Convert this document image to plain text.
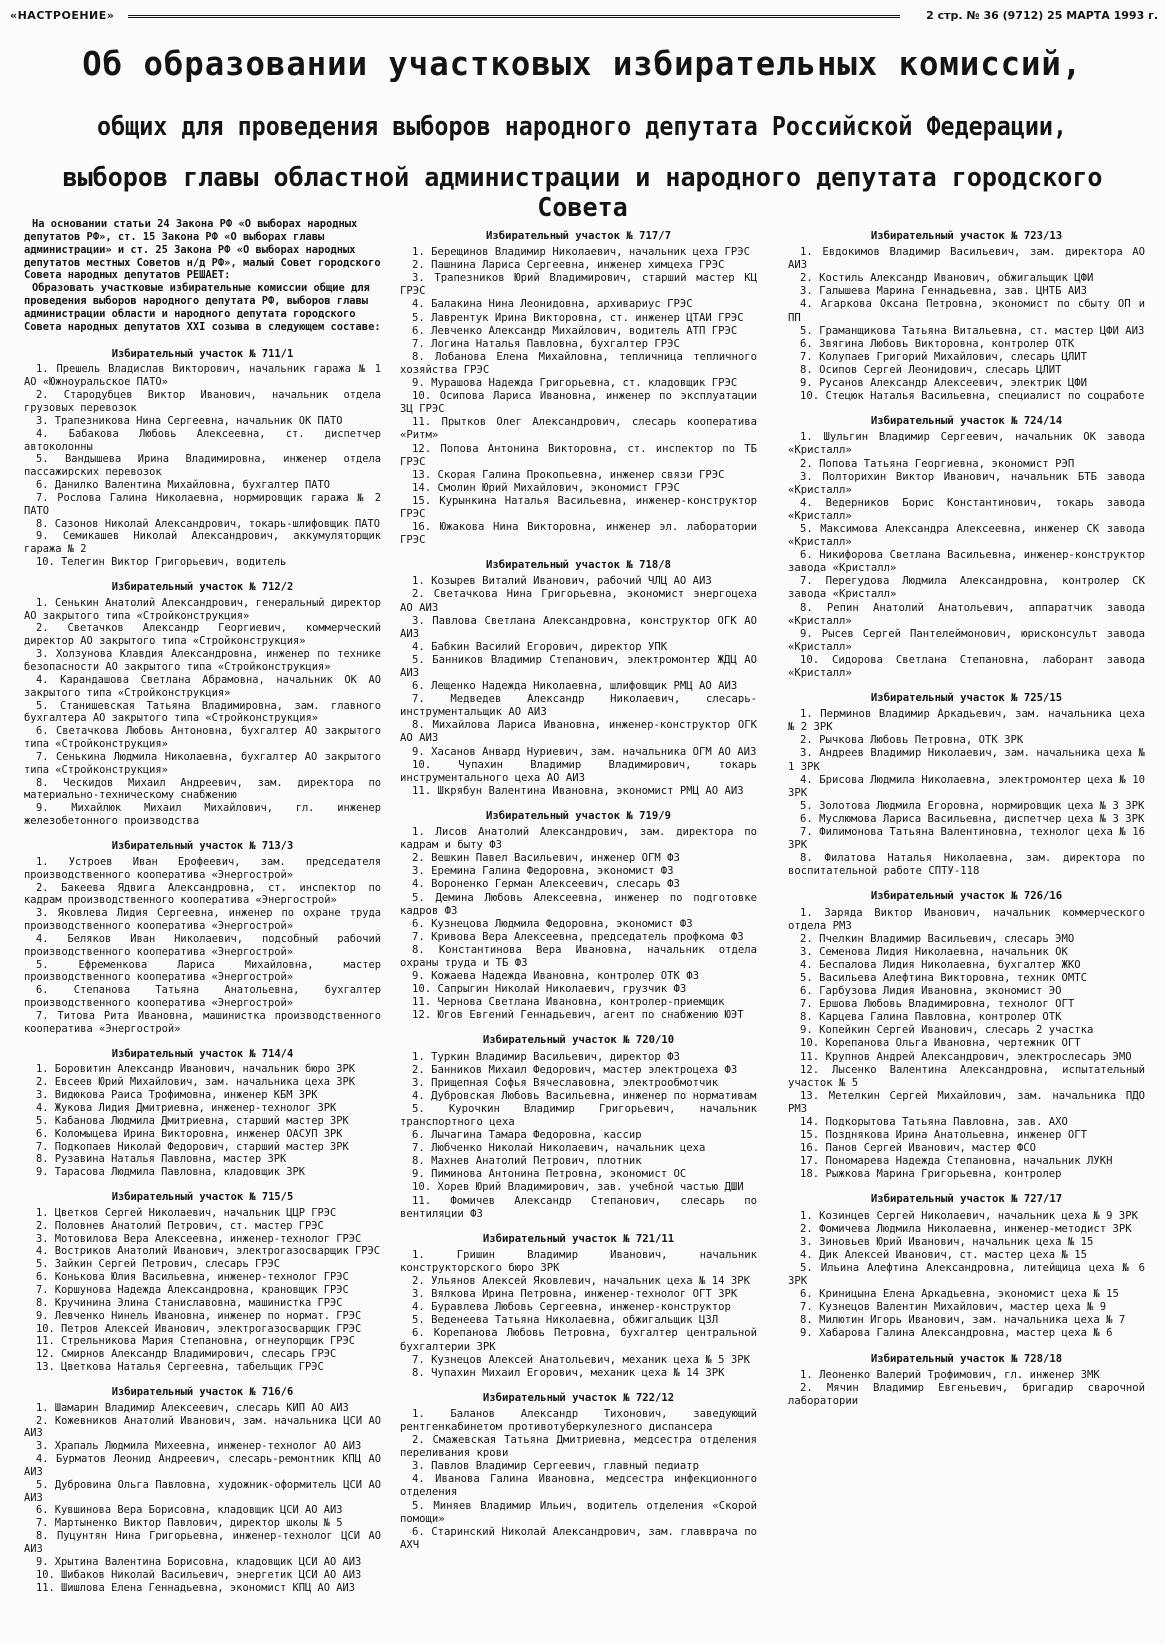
«НАСТРОЕНИЕ»	2 стр. № 36 (9712) 25 МАРТА 1993 г.
Об образовании участковых избирательных комиссий,
общих для проведения выборов народного депутата Российской Федерации,
выборов главы областной администрации и народного депутата городского Совета

На основании статьи 24 Закона РФ «О выборах народных депутатов РФ», ст. 15 Закона РФ «О выборах главы администрации» и ст. 25 Закона РФ «О выборах народных депутатов местных Советов н/д РФ», малый Совет городского Совета народных депутатов РЕШАЕТ:

Образовать участковые избирательные комиссии общие для проведения выборов народного депутата РФ, выборов главы администрации области и народного депутата городского Совета народных депутатов XXI созыва в следующем составе:

Избирательный участок № 711/1
1. Прешель Владислав Викторович, начальник гаража № 1 АО «Южноуральское ПАТО»
2. Стародубцев Виктор Иванович, начальник отдела грузовых перевозок
3. Трапезникова Нина Сергеевна, начальник ОК ПАТО
4. Бабакова Любовь Алексеевна, ст. диспетчер автоколонны
5. Вандышева Ирина Владимировна, инженер отдела пассажирских перевозок
6. Данилко Валентина Михайловна, бухгалтер ПАТО
7. Рослова Галина Николаевна, нормировщик гаража № 2 ПАТО
8. Сазонов Николай Александрович, токарь-шлифовщик ПАТО
9. Семикашев Николай Александрович, аккумуляторщик гаража № 2
10. Телегин Виктор Григорьевич, водитель
Избирательный участок № 712/2
1. Сенькин Анатолий Александрович, генеральный директор АО закрытого типа «Стройконструкция»
2. Светачков Александр Георгиевич, коммерческий директор АО закрытого типа «Стройконструкция»
3. Холзунова Клавдия Александровна, инженер по технике безопасности АО закрытого типа «Стройконструкция»
4. Карандашова Светлана Абрамовна, начальник ОК АО закрытого типа «Стройконструкция»
5. Станишевская Татьяна Владимировна, зам. главного бухгалтера АО закрытого типа «Стройконструкция»
6. Светачкова Любовь Антоновна, бухгалтер АО закрытого типа «Стройконструкция»
7. Сенькина Людмила Николаевна, бухгалтер АО закрытого типа «Стройконструкция»
8. Ческидов Михаил Андреевич, зам. директора по материально-техническому снабжению
9. Михайлюк Михаил Михайлович, гл. инженер железобетонного производства
Избирательный участок № 713/3
1. Устроев Иван Ерофеевич, зам. председателя производственного кооператива «Энергострой»
2. Бакеева Ядвига Александровна, ст. инспектор по кадрам производственного кооператива «Энергострой»
3. Яковлева Лидия Сергеевна, инженер по охране труда производственного кооператива «Энергострой»
4. Беляков Иван Николаевич, подсобный рабочий производственного кооператива «Энергострой»
5. Ефременкова Лариса Михайловна, мастер производственного кооператива «Энергострой»
6. Степанова Татьяна Анатольевна, бухгалтер производственного кооператива «Энергострой»
7. Титова Рита Ивановна, машинистка производственного кооператива «Энергострой»
Избирательный участок № 714/4
1. Боровитин Александр Иванович, начальник бюро ЗРК
2. Евсеев Юрий Михайлович, зам. начальника цеха ЗРК
3. Видюкова Раиса Трофимовна, инженер КБМ ЗРК
4. Жукова Лидия Дмитриевна, инженер-технолог ЗРК
5. Кабанова Людмила Дмитриевна, старший мастер ЗРК
6. Коломыцева Ирина Викторовна, инженер ОАСУП ЗРК
7. Подкопаев Николай Федорович, старший мастер ЗРК
8. Рузавина Наталья Павловна, мастер ЗРК
9. Тарасова Людмила Павловна, кладовщик ЗРК
Избирательный участок № 715/5
1. Цветков Сергей Николаевич, начальник ЦЦР ГРЭС
2. Половнев Анатолий Петрович, ст. мастер ГРЭС
3. Мотовилова Вера Алексеевна, инженер-технолог ГРЭС
4. Востриков Анатолий Иванович, электрогазосварщик ГРЭС
5. Зайкин Сергей Петрович, слесарь ГРЭС
6. Конькова Юлия Васильевна, инженер-технолог ГРЭС
7. Коршунова Надежда Александровна, крановщик ГРЭС
8. Кручинина Элина Станиславовна, машинистка ГРЭС
9. Левченко Нинель Ивановна, инженер по нормат. ГРЭС
10. Петров Алексей Иванович, электрогазосварщик ГРЭС
11. Стрельникова Мария Степановна, огнеупорщик ГРЭС
12. Смирнов Александр Владимирович, слесарь ГРЭС
13. Цветкова Наталья Сергеевна, табельщик ГРЭС
Избирательный участок № 716/6
1. Шамарин Владимир Алексеевич, слесарь КИП АО АИЗ
2. Кожевников Анатолий Иванович, зам. начальника ЦСИ АО АИЗ
3. Храпаль Людмила Михеевна, инженер-технолог АО АИЗ
4. Бурматов Леонид Андреевич, слесарь-ремонтник КПЦ АО АИЗ
5. Дубровина Ольга Павловна, художник-оформитель ЦСИ АО АИЗ
6. Кувшинова Вера Борисовна, кладовщик ЦСИ АО АИЗ
7. Мартыненко Виктор Павлович, директор школы № 5
8. Пуцунтян Нина Григорьевна, инженер-технолог ЦСИ АО АИЗ
9. Хрытина Валентина Борисовна, кладовщик ЦСИ АО АИЗ
10. Шибаков Николай Васильевич, энергетик ЦСИ АО АИЗ
11. Шишлова Елена Геннадьевна, экономист КПЦ АО АИЗ
Избирательный участок № 717/7
1. Берещинов Владимир Николаевич, начальник цеха ГРЭС
2. Пашнина Лариса Сергеевна, инженер химцеха ГРЭС
3. Трапезников Юрий Владимирович, старший мастер КЦ ГРЭС
4. Балакина Нина Леонидовна, архивариус ГРЭС
5. Лаврентук Ирина Викторовна, ст. инженер ЦТАИ ГРЭС
6. Левченко Александр Михайлович, водитель АТП ГРЭС
7. Логина Наталья Павловна, бухгалтер ГРЭС
8. Лобанова Елена Михайловна, тепличница тепличного хозяйства ГРЭС
9. Мурашова Надежда Григорьевна, ст. кладовщик ГРЭС
10. Осипова Лариса Ивановна, инженер по эксплуатации ЗЦ ГРЭС
11. Прытков Олег Александрович, слесарь кооператива «Ритм»
12. Попова Антонина Викторовна, ст. инспектор по ТБ ГРЭС
13. Скорая Галина Прокопьевна, инженер связи ГРЭС
14. Смолин Юрий Михайлович, экономист ГРЭС
15. Курынкина Наталья Васильевна, инженер-конструктор ГРЭС
16. Южакова Нина Викторовна, инженер эл. лаборатории ГРЭС
Избирательный участок № 718/8
1. Козырев Виталий Иванович, рабочий ЧЛЦ АО АИЗ
2. Светачкова Нина Григорьевна, экономист энергоцеха АО АИЗ
3. Павлова Светлана Александровна, конструктор ОГК АО АИЗ
4. Бабкин Василий Егорович, директор УПК
5. Банников Владимир Степанович, электромонтер ЖДЦ АО АИЗ
6. Лещенко Надежда Николаевна, шлифовщик РМЦ АО АИЗ
7. Медведев Александр Николаевич, слесарь-инструментальщик АО АИЗ
8. Михайлова Лариса Ивановна, инженер-конструктор ОГК АО АИЗ
9. Хасанов Анвард Нуриевич, зам. начальника ОГМ АО АИЗ
10. Чупахин Владимир Владимирович, токарь инструментального цеха АО АИЗ
11. Шкрябун Валентина Ивановна, экономист РМЦ АО АИЗ
Избирательный участок № 719/9
1. Лисов Анатолий Александрович, зам. директора по кадрам и быту ФЗ
2. Вешкин Павел Васильевич, инженер ОГМ ФЗ
3. Еремина Галина Федоровна, экономист ФЗ
4. Вороненко Герман Алексеевич, слесарь ФЗ
5. Демина Любовь Алексеевна, инженер по подготовке кадров ФЗ
6. Кузнецова Людмила Федоровна, экономист ФЗ
7. Кривова Вера Алексеевна, председатель профкома ФЗ
8. Константинова Вера Ивановна, начальник отдела охраны труда и ТБ ФЗ
9. Кожаева Надежда Ивановна, контролер ОТК ФЗ
10. Сапрыгин Николай Николаевич, грузчик ФЗ
11. Чернова Светлана Ивановна, контролер-приемщик
12. Югов Евгений Геннадьевич, агент по снабжению ЮЭТ
Избирательный участок № 720/10
1. Туркин Владимир Васильевич, директор ФЗ
2. Банников Михаил Федорович, мастер электроцеха ФЗ
3. Прищепная Софья Вячеславовна, электрообмотчик
4. Дубровская Любовь Васильевна, инженер по нормативам
5. Курочкин Владимир Григорьевич, начальник транспортного цеха
6. Лычагина Тамара Федоровна, кассир
7. Любченко Николай Николаевич, начальник цеха
8. Махнев Анатолий Петрович, плотник
9. Пиминова Антонина Петровна, экономист ОС
10. Хорев Юрий Владимирович, зав. учебной частью ДШИ
11. Фомичев Александр Степанович, слесарь по вентиляции ФЗ
Избирательный участок № 721/11
1. Гришин Владимир Иванович, начальник конструкторского бюро ЗРК
2. Ульянов Алексей Яковлевич, начальник цеха № 14 ЗРК
3. Вялкова Ирина Петровна, инженер-технолог ОГТ ЗРК
4. Буравлева Любовь Сергеевна, инженер-конструктор
5. Веденеева Татьяна Николаевна, обжигальщик ЦЗЛ
6. Корепанова Любовь Петровна, бухгалтер центральной бухгалтерии ЗРК
7. Кузнецов Алексей Анатольевич, механик цеха № 5 ЗРК
8. Чупахин Михаил Егорович, механик цеха № 14 ЗРК
Избирательный участок № 722/12
1. Баланов Александр Тихонович, заведующий рентгенкабинетом противотуберкулезного диспансера
2. Смажевская Татьяна Дмитриевна, медсестра отделения переливания крови
3. Павлов Владимир Сергеевич, главный педиатр
4. Иванова Галина Ивановна, медсестра инфекционного отделения
5. Миняев Владимир Ильич, водитель отделения «Скорой помощи»
6. Старинский Николай Александрович, зам. главврача по АХЧ
Избирательный участок № 723/13
1. Евдокимов Владимир Васильевич, зам. директора АО АИЗ
2. Костиль Александр Иванович, обжигальщик ЦФИ
3. Галышева Марина Геннадьевна, зав. ЦНТБ АИЗ
4. Агаркова Оксана Петровна, экономист по сбыту ОП и ПП
5. Граманщикова Татьяна Витальевна, ст. мастер ЦФИ АИЗ
6. Звягина Любовь Викторовна, контролер ОТК
7. Колупаев Григорий Михайлович, слесарь ЦЛИТ
8. Осипов Сергей Леонидович, слесарь ЦЛИТ
9. Русанов Александр Алексеевич, электрик ЦФИ
10. Стецюк Наталья Васильевна, специалист по соцработе
Избирательный участок № 724/14
1. Шульгин Владимир Сергеевич, начальник ОК завода «Кристалл»
2. Попова Татьяна Георгиевна, экономист РЭП
3. Полторихин Виктор Иванович, начальник БТБ завода «Кристалл»
4. Ведерников Борис Константинович, токарь завода «Кристалл»
5. Максимова Александра Алексеевна, инженер СК завода «Кристалл»
6. Никифорова Светлана Васильевна, инженер-конструктор завода «Кристалл»
7. Перегудова Людмила Александровна, контролер СК завода «Кристалл»
8. Репин Анатолий Анатольевич, аппаратчик завода «Кристалл»
9. Рысев Сергей Пантелеймонович, юрисконсульт завода «Кристалл»
10. Сидорова Светлана Степановна, лаборант завода «Кристалл»
Избирательный участок № 725/15
1. Перминов Владимир Аркадьевич, зам. начальника цеха № 2 ЗРК
2. Рычкова Любовь Петровна, ОТК ЗРК
3. Андреев Владимир Николаевич, зам. начальника цеха № 1 ЗРК
4. Брисова Людмила Николаевна, электромонтер цеха № 10 ЗРК
5. Золотова Людмила Егоровна, нормировщик цеха № 3 ЗРК
6. Муслюмова Лариса Васильевна, диспетчер цеха № 3 ЗРК
7. Филимонова Татьяна Валентиновна, технолог цеха № 16 ЗРК
8. Филатова Наталья Николаевна, зам. директора по воспитательной работе СПТУ-118
Избирательный участок № 726/16
1. Заряда Виктор Иванович, начальник коммерческого отдела РМЗ
2. Пчелкин Владимир Васильевич, слесарь ЭМО
3. Семенова Лидия Николаевна, начальник ОК
4. Беспалова Лидия Николаевна, бухгалтер ЖКО
5. Васильева Алефтина Викторовна, техник ОМТС
6. Гарбузова Лидия Ивановна, экономист ЭО
7. Ершова Любовь Владимировна, технолог ОГТ
8. Карцева Галина Павловна, контролер ОТК
9. Копейкин Сергей Иванович, слесарь 2 участка
10. Корепанова Ольга Ивановна, чертежник ОГТ
11. Крупнов Андрей Александрович, электрослесарь ЭМО
12. Лысенко Валентина Александровна, испытательный участок № 5
13. Метелкин Сергей Михайлович, зам. начальника ПДО РМЗ
14. Подкорытова Татьяна Павловна, зав. АХО
15. Позднякова Ирина Анатольевна, инженер ОГТ
16. Панов Сергей Иванович, мастер ФСО
17. Пономарева Надежда Степановна, начальник ЛУКН
18. Рыжкова Марина Григорьевна, контролер
Избирательный участок № 727/17
1. Козинцев Сергей Николаевич, начальник цеха № 9 ЗРК
2. Фомичева Людмила Николаевна, инженер-методист ЗРК
3. Зиновьев Юрий Иванович, начальник цеха № 15
4. Дик Алексей Иванович, ст. мастер цеха № 15
5. Ильина Алефтина Александровна, литейщица цеха № 6 ЗРК
6. Криницына Елена Аркадьевна, экономист цеха № 15
7. Кузнецов Валентин Михайлович, мастер цеха № 9
8. Милютин Игорь Иванович, зам. начальника цеха № 7
9. Хабарова Галина Александровна, мастер цеха № 6
Избирательный участок № 728/18
1. Леоненко Валерий Трофимович, гл. инженер ЗМК
2. Мячин Владимир Евгеньевич, бригадир сварочной лаборатории
